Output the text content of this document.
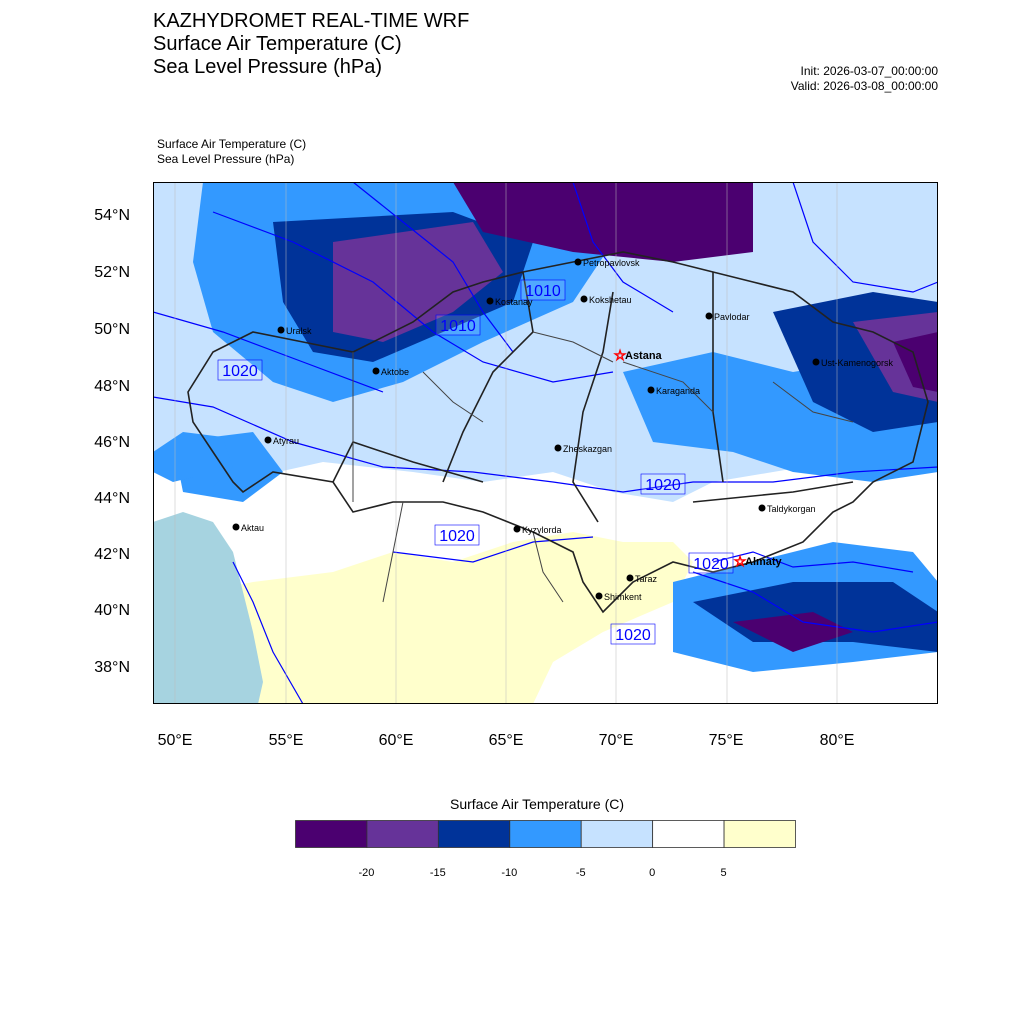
KAZHYDROMET REAL-TIME WRF
Surface Air Temperature (C)
Sea Level Pressure (hPa)	Init: 2026-03-07_00:00:00
Valid: 2026-03-08_00:00:00
Surface Air Temperature (C)
Sea Level Pressure (hPa)
1020
1010
1010
1020
1020
1020
1020
Petropavlovsk
Kostanay	Kokshetau
Pavlodar
Uralsk
☆
Astana
Aktobe
Ust-Kamenogorsk
Karaganda
Atyrau
Zheskazgan
Kyzylorda
Aktau
Taldykorgan
☆
Almaty
Taraz
Shimkent
Surface Air Temperature (C)
54°N
52°N
50°N
48°N
46°N
44°N
42°N
40°N
38°N
50°E	55°E	60°E	65°E	70°E	75°E	80°E
-20	-15	-10	-5	0	5
